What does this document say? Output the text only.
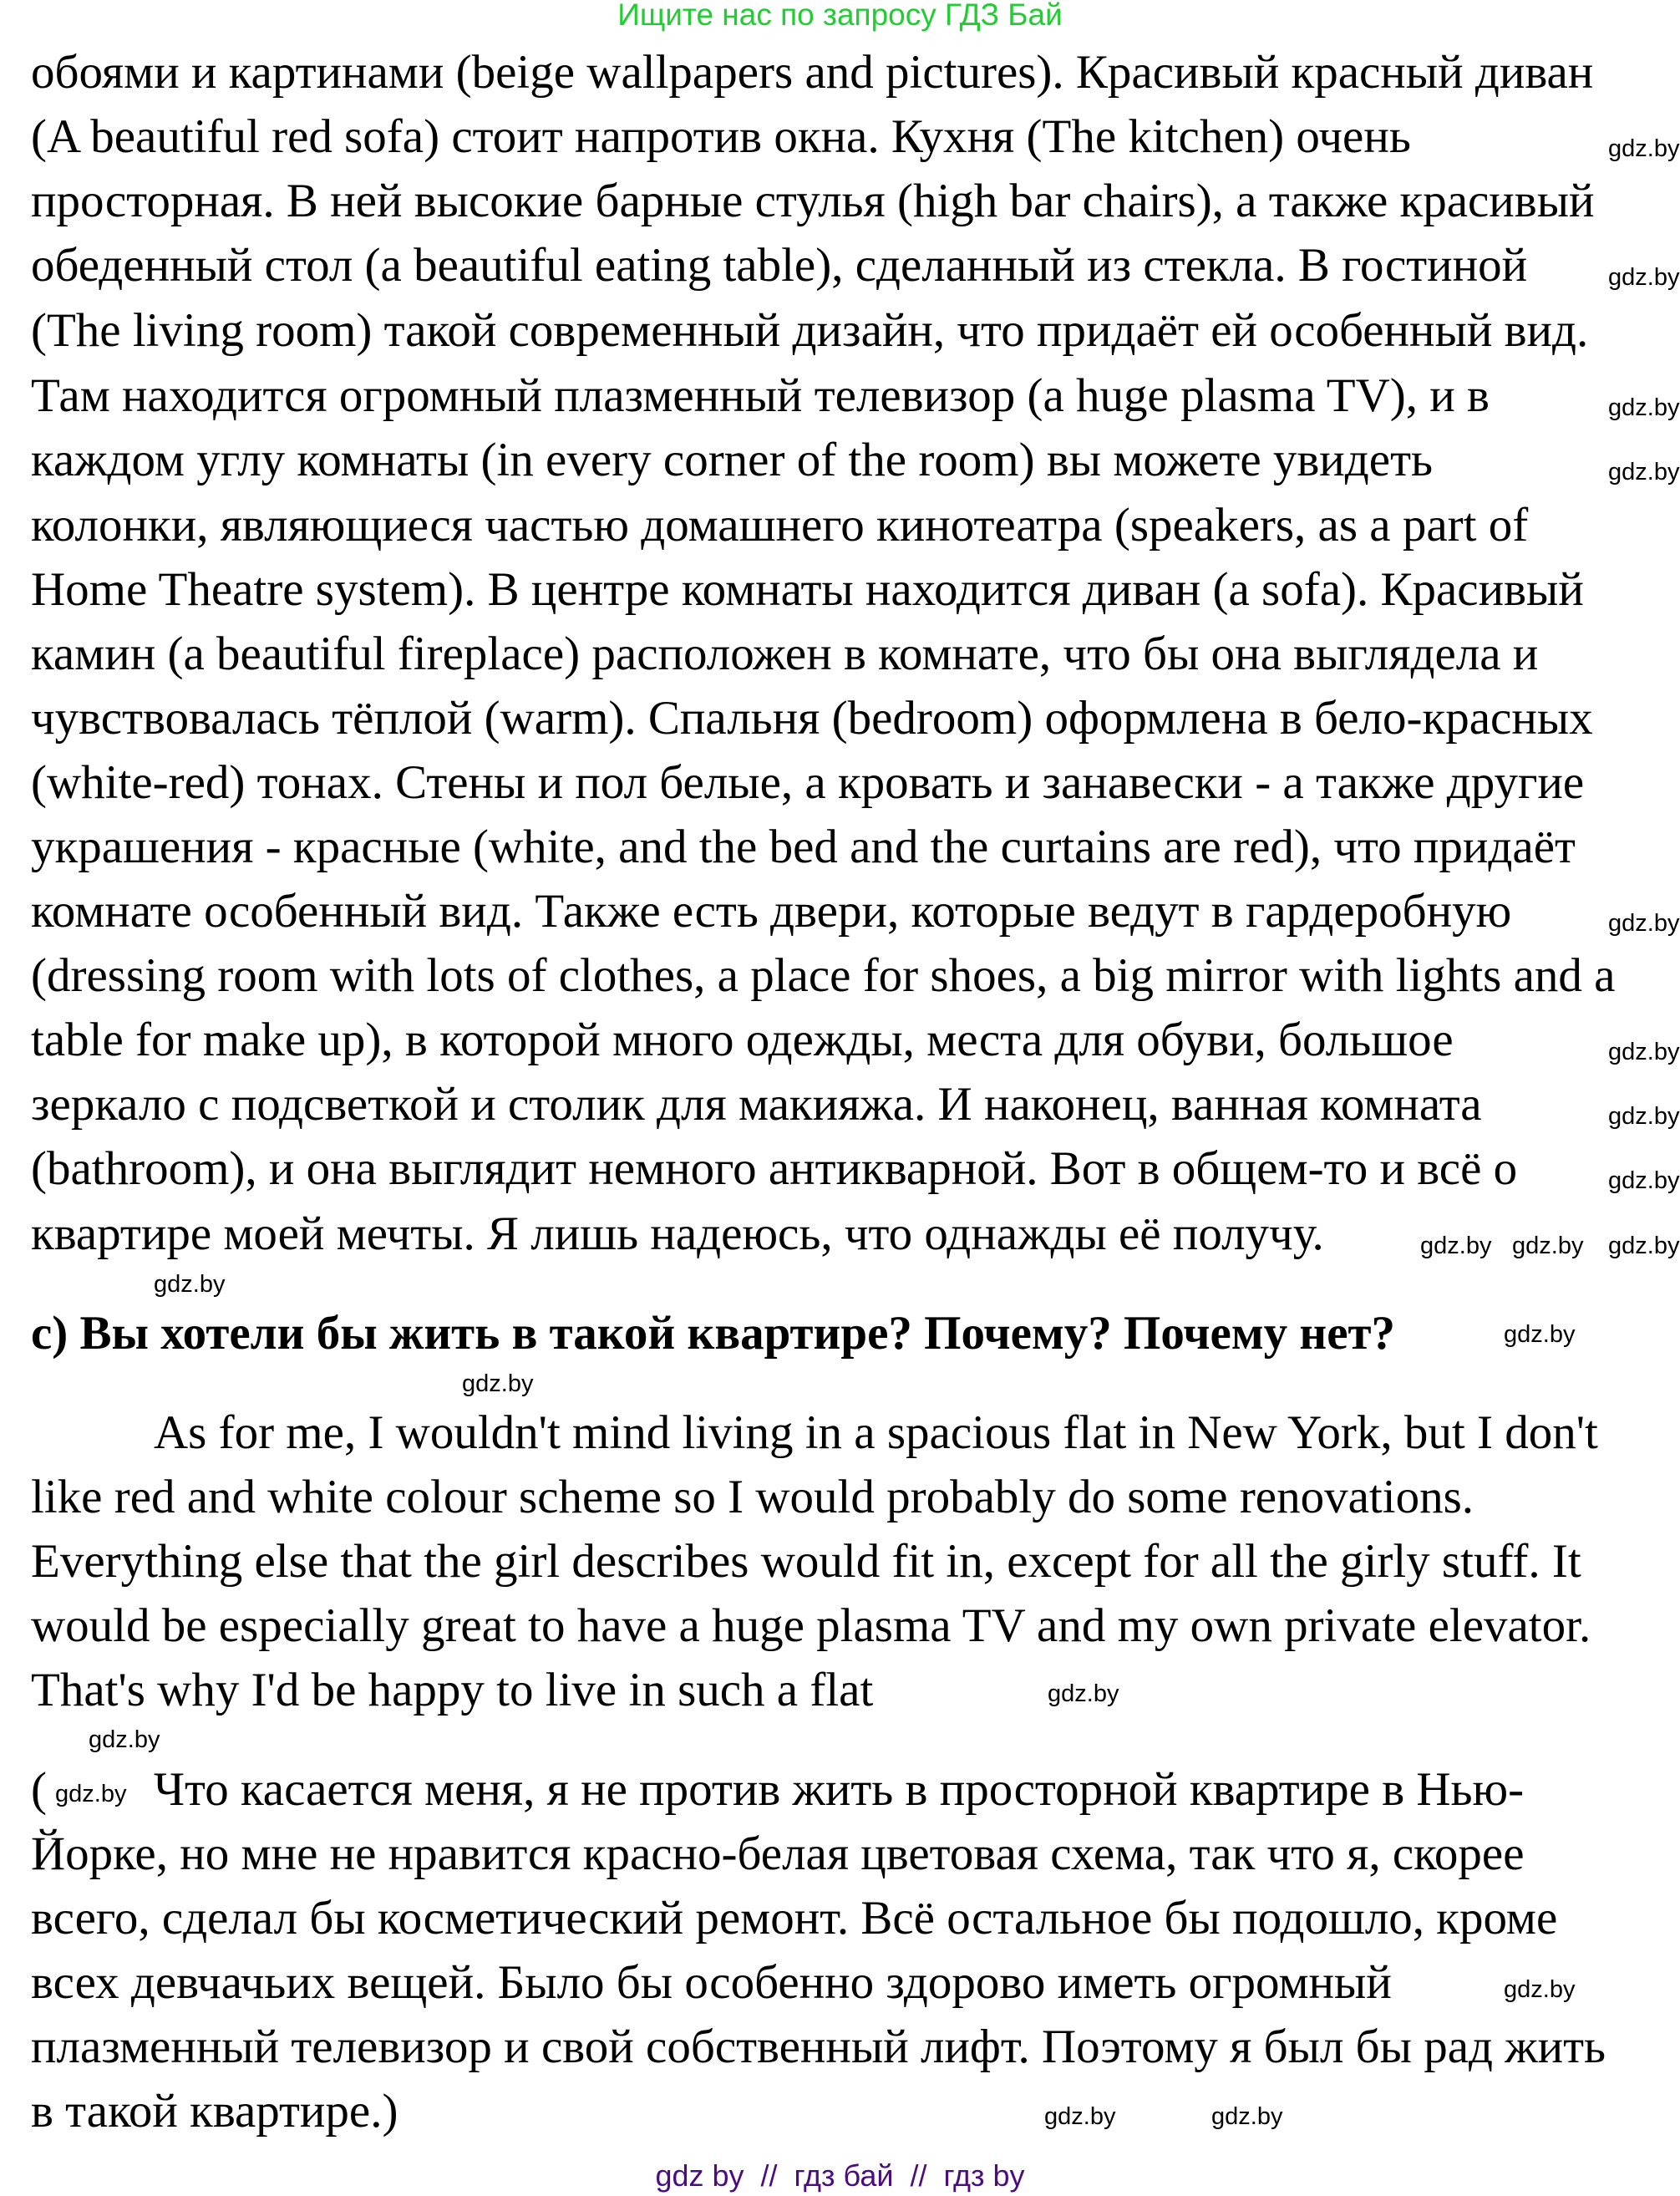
Ищите нас по запросу ГДЗ Бай
обоями и картинами (beige wallpapers and pictures). Красивый красный диван
(A beautiful red sofa) стоит напротив окна. Кухня (The kitchen) очень
просторная. В ней высокие барные стулья (high bar chairs), а также красивый
обеденный стол (a beautiful eating table), сделанный из стекла. В гостиной
(The living room) такой современный дизайн, что придаёт ей особенный вид.
Там находится огромный плазменный телевизор (a huge plasma TV), и в
каждом углу комнаты (in every corner of the room) вы можете увидеть
колонки, являющиеся частью домашнего кинотеатра (speakers, as a part of
Home Theatre system). В центре комнаты находится диван (a sofa). Красивый
камин (a beautiful fireplace) расположен в комнате, что бы она выглядела и
чувствовалась тёплой (warm). Спальня (bedroom) оформлена в бело-красных
(white-red) тонах. Стены и пол белые, а кровать и занавески - а также другие
украшения - красные (white, and the bed and the curtains are red), что придаёт
комнате особенный вид. Также есть двери, которые ведут в гардеробную
(dressing room with lots of clothes, a place for shoes, a big mirror with lights and a
table for make up), в которой много одежды, места для обуви, большое
зеркало с подсветкой и столик для макияжа. И наконец, ванная комната
(bathroom), и она выглядит немного антикварной. Вот в общем-то и всё о
квартире моей мечты. Я лишь надеюсь, что однажды её получу.
c) Вы хотели бы жить в такой квартире? Почему? Почему нет?
As for me, I wouldn't mind living in a spacious flat in New York, but I don't
like red and white colour scheme so I would probably do some renovations.
Everything else that the girl describes would fit in, except for all the girly stuff. It
would be especially great to have a huge plasma TV and my own private elevator.
That's why I'd be happy to live in such a flat
( Что касается меня, я не против жить в просторной квартире в Нью-
Йорке, но мне не нравится красно-белая цветовая схема, так что я, скорее
всего, сделал бы косметический ремонт. Всё остальное бы подошло, кроме
всех девчачьих вещей. Было бы особенно здорово иметь огромный
плазменный телевизор и свой собственный лифт. Поэтому я был бы рад жить
в такой квартире.)
gdz.by
gdz.by
gdz.by
gdz.by
gdz.by
gdz.by
gdz.by
gdz.by
gdz.by gdz.by gdz.by
gdz.by
gdz.by
gdz.by
gdz.by
gdz.by
gdz.by
gdz.by
gdz.by	gdz.by
gdz by  //  гдз бай  //  гдз by
